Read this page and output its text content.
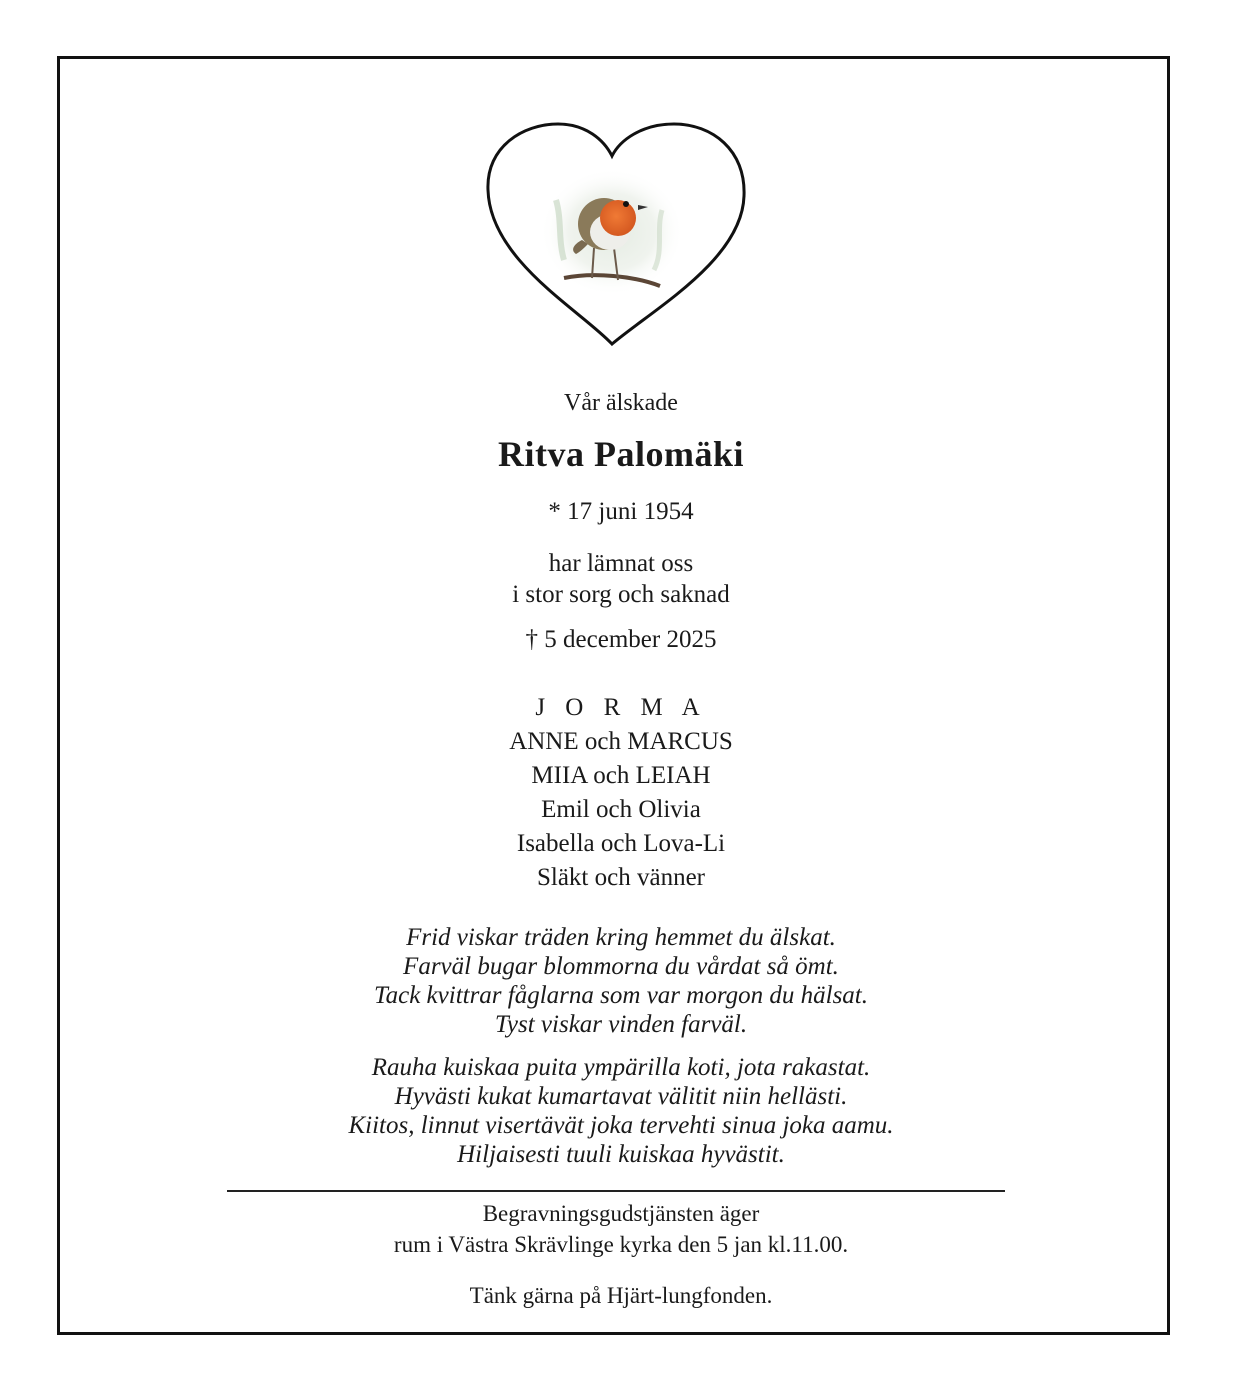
Vår älskade
Ritva Palomäki
* 17 juni 1954
har lämnat oss
i stor sorg och saknad
† 5 december 2025
J O R M A
ANNE och MARCUS
MIIA och LEIAH
Emil och Olivia
Isabella och Lova-Li
Släkt och vänner
Frid viskar träden kring hemmet du älskat.
Farväl bugar blommorna du vårdat så ömt.
Tack kvittrar fåglarna som var morgon du hälsat.
Tyst viskar vinden farväl.
Rauha kuiskaa puita ympärilla koti, jota rakastat.
Hyvästi kukat kumartavat välitit niin hellästi.
Kiitos, linnut visertävät joka tervehti sinua joka aamu.
Hiljaisesti tuuli kuiskaa hyvästit.
Begravningsgudstjänsten äger
rum i Västra Skrävlinge kyrka den 5 jan kl.11.00.
Tänk gärna på Hjärt-lungfonden.
